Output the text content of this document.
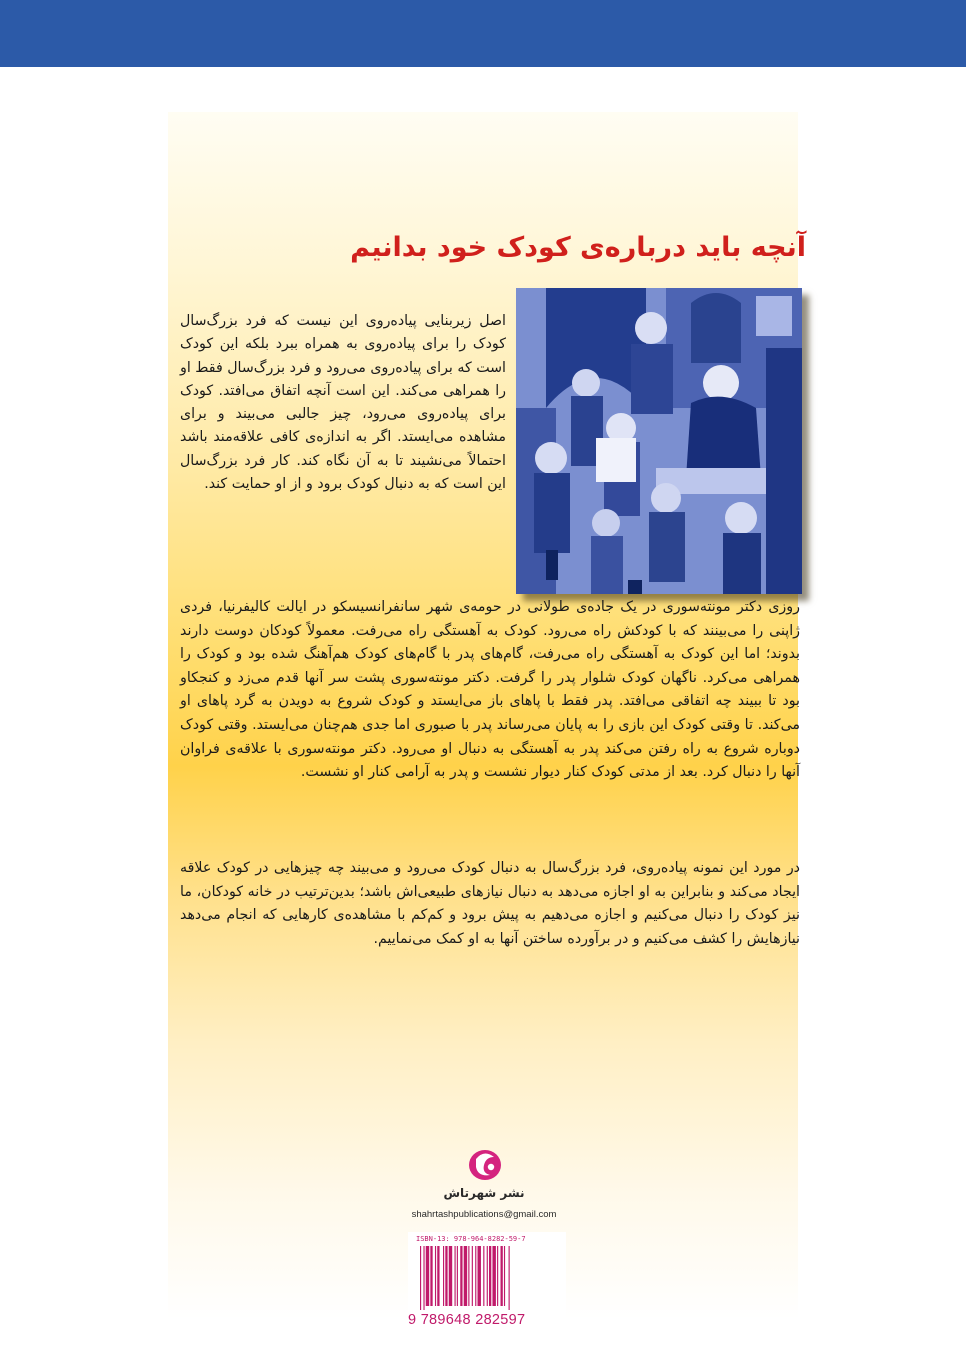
آنچه باید درباره‌ی کودک خود بدانیم

اصل زیربنایی پیاده‌روی این نیست که فرد بزرگ‌سال کودک را برای پیاده‌روی به همراه ببرد بلکه این کودک است که برای پیاده‌روی می‌رود و فرد بزرگ‌سال فقط او را همراهی می‌کند. این است آنچه اتفاق می‌افتد. کودک برای پیاده‌روی می‌رود، چیز جالبی می‌بیند و برای مشاهده می‌ایستد. اگر به اندازه‌ی کافی علاقه‌مند باشد احتمالاً می‌نشیند تا به آن نگاه کند. کار فرد بزرگ‌سال این است که به دنبال کودک برود و از او حمایت کند.

روزی دکتر مونته‌سوری در یک جاده‌ی طولانی در حومه‌ی شهر سانفرانسیسکو در ایالت کالیفرنیا، فردی ژاپنی را می‌بینند که با کودکش راه می‌رود. کودک به آهستگی راه می‌رفت. معمولاً کودکان دوست دارند بدوند؛ اما این کودک به آهستگی راه می‌رفت، گام‌های پدر با گام‌های کودک هم‌آهنگ شده بود و کودک را همراهی می‌کرد. ناگهان کودک شلوار پدر را گرفت. دکتر مونته‌سوری پشت سر آنها قدم می‌زد و کنجکاو بود تا ببیند چه اتفاقی می‌افتد. پدر فقط با پاهای باز می‌ایستد و کودک شروع به دویدن به گرد پاهای او می‌کند. تا وقتی کودک این بازی را به پایان می‌رساند پدر با صبوری اما جدی هم‌چنان می‌ایستد. وقتی کودک دوباره شروع به راه رفتن می‌کند پدر به آهستگی به دنبال او می‌رود. دکتر مونته‌سوری با علاقه‌ی فراوان آنها را دنبال کرد. بعد از مدتی کودک کنار دیوار نشست و پدر به آرامی کنار او نشست.

در مورد این نمونه پیاده‌روی، فرد بزرگ‌سال به دنبال کودک می‌رود و می‌بیند چه چیزهایی در کودک علاقه ایجاد می‌کند و بنابراین به او اجازه می‌دهد به دنبال نیازهای طبیعی‌اش باشد؛ بدین‌ترتیب در خانه کودکان، ما نیز کودک را دنبال می‌کنیم و اجازه می‌دهیم به پیش برود و کم‌کم با مشاهده‌ی کارهایی که انجام می‌دهد نیازهایش را کشف می‌کنیم و در برآورده ساختن آنها به او کمک می‌نماییم.

نشر شهرتاش
shahrtashpublications@gmail.com
ISBN-13: 978-964-8282-59-7
9 789648 282597
